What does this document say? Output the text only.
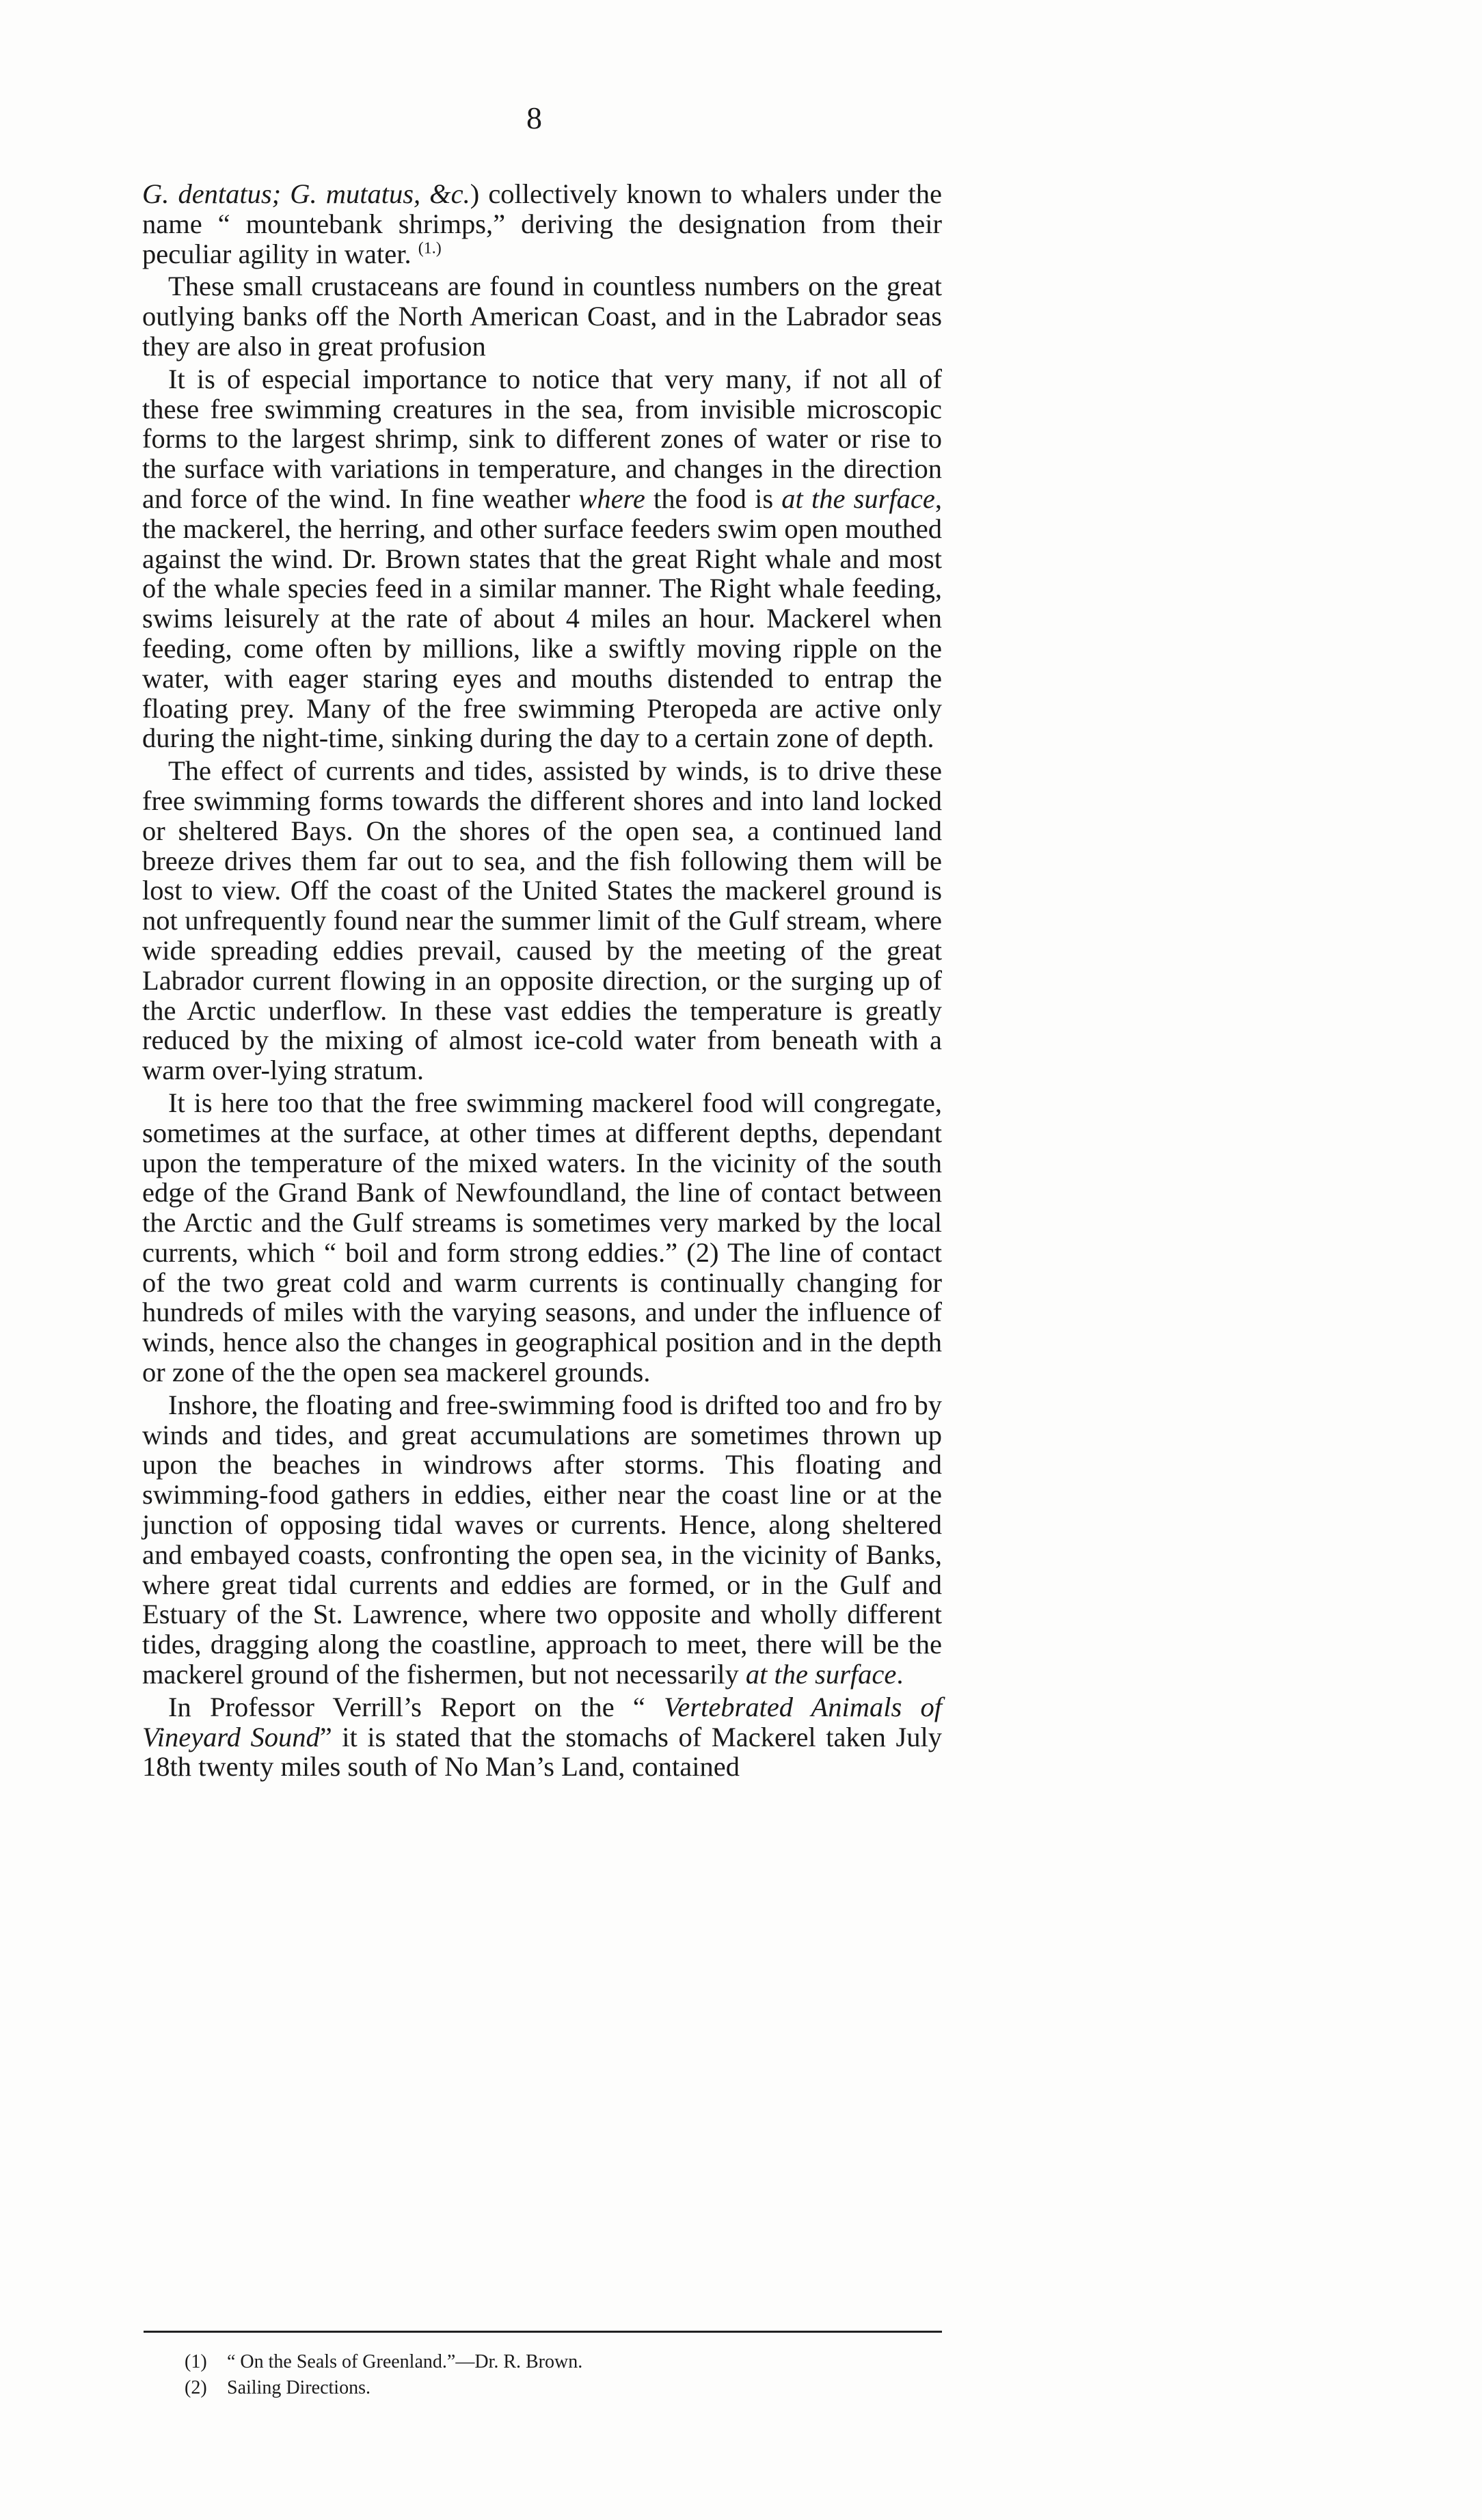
8

G. dentatus; G. mutatus, &c.) collectively known to whalers under the name “ mountebank shrimps,” deriving the designation from their peculiar agility in water. $^{(1.)}$

These small crustaceans are found in countless numbers on the great outlying banks off the North American Coast, and in the Labrador seas they are also in great profusion

It is of especial importance to notice that very many, if not all of these free swimming creatures in the sea, from invisible microscopic forms to the largest shrimp, sink to different zones of water or rise to the surface with variations in temperature, and changes in the direction and force of the wind. In fine weather where the food is at the surface, the mackerel, the herring, and other surface feeders swim open mouthed against the wind. Dr. Brown states that the great Right whale and most of the whale species feed in a similar manner. The Right whale feeding, swims leisurely at the rate of about 4 miles an hour. Mackerel when feeding, come often by millions, like a swiftly moving ripple on the water, with eager staring eyes and mouths distended to entrap the floating prey. Many of the free swimming Pteropeda are active only during the night-time, sinking during the day to a certain zone of depth.

The effect of currents and tides, assisted by winds, is to drive these free swimming forms towards the different shores and into land locked or sheltered Bays. On the shores of the open sea, a continued land breeze drives them far out to sea, and the fish following them will be lost to view. Off the coast of the United States the mackerel ground is not unfrequently found near the summer limit of the Gulf stream, where wide spreading eddies prevail, caused by the meeting of the great Labrador current flowing in an opposite direction, or the surging up of the Arctic underflow. In these vast eddies the temperature is greatly reduced by the mixing of almost ice-cold water from beneath with a warm over-lying stratum.

It is here too that the free swimming mackerel food will congregate, sometimes at the surface, at other times at different depths, dependant upon the temperature of the mixed waters. In the vicinity of the south edge of the Grand Bank of Newfoundland, the line of contact between the Arctic and the Gulf streams is sometimes very marked by the local currents, which “ boil and form strong eddies.” (2) The line of contact of the two great cold and warm currents is continually changing for hundreds of miles with the varying seasons, and under the influence of winds, hence also the changes in geographical position and in the depth or zone of the the open sea mackerel grounds.

Inshore, the floating and free-swimming food is drifted too and fro by winds and tides, and great accumulations are sometimes thrown up upon the beaches in windrows after storms. This floating and swimming-food gathers in eddies, either near the coast line or at the junction of opposing tidal waves or currents. Hence, along sheltered and embayed coasts, confronting the open sea, in the vicinity of Banks, where great tidal currents and eddies are formed, or in the Gulf and Estuary of the St. Lawrence, where two opposite and wholly different tides, dragging along the coastline, approach to meet, there will be the mackerel ground of the fishermen, but not necessarily at the surface.

In Professor Verrill’s Report on the “ Vertebrated Animals of Vineyard Sound” it is stated that the stomachs of Mackerel taken July 18th twenty miles south of No Man’s Land, contained

(1) “ On the Seals of Greenland.”—Dr. R. Brown.
(2) Sailing Directions.
